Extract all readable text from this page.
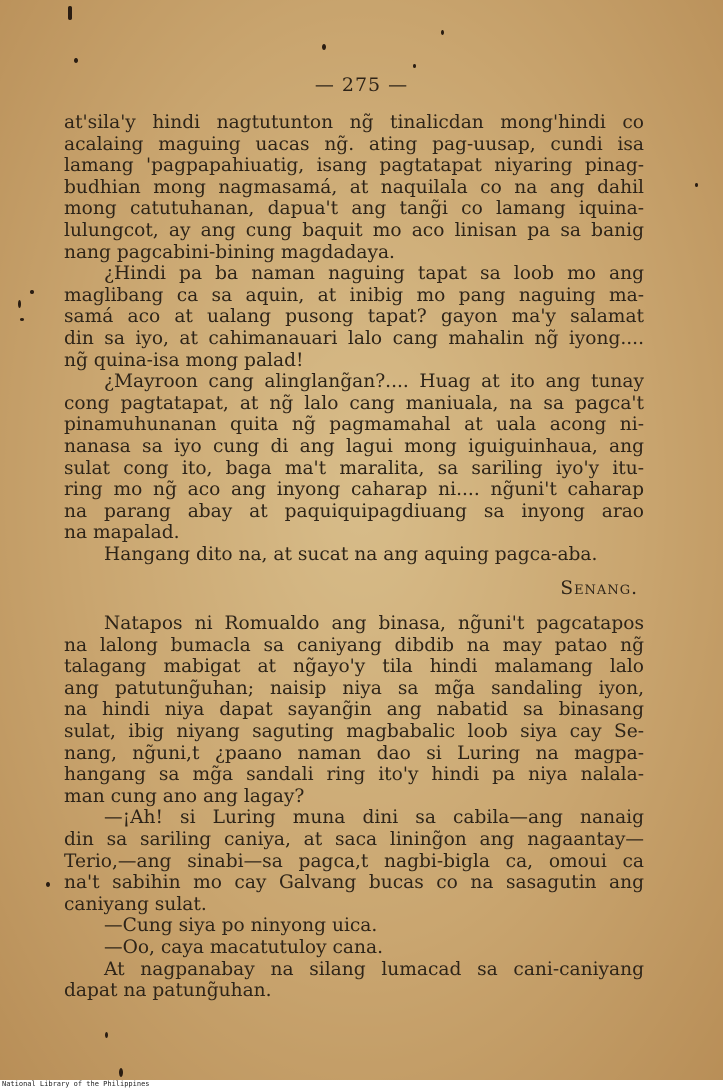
— 275 —

at'sila'y hindi nagtutunton ng̃ tinalicdan mong'hindi co
acalaing maguing uacas ng̃. ating pag-uusap, cundi isa
lamang 'pagpapahiuatig, isang pagtatapat niyaring pinag-
budhian mong nagmasamá, at naquilala co na ang dahil
mong catutuhanan, dapua't ang tang̃i co lamang iquina-
lulungcot, ay ang cung baquit mo aco linisan pa sa banig
nang pagcabini-bining magdadaya.

¿Hindi pa ba naman naguing tapat sa loob mo ang
maglibang ca sa aquin, at inibig mo pang naguing ma-
samá aco at ualang pusong tapat? gayon ma'y salamat
din sa iyo, at cahimanauari lalo cang mahalin ng̃ iyong....
ng̃ quina-isa mong palad!

¿Mayroon cang alinglang̃an?.... Huag at ito ang tunay
cong pagtatapat, at ng̃ lalo cang maniuala, na sa pagca't
pinamuhunanan quita ng̃ pagmamahal at uala acong ni-
nanasa sa iyo cung di ang lagui mong iguiguinhaua, ang
sulat cong ito, baga ma't maralita, sa sariling iyo'y itu-
ring mo ng̃ aco ang inyong caharap ni.... ng̃uni't caharap
na parang abay at paquiquipagdiuang sa inyong arao
na mapalad.

Hangang dito na, at sucat na ang aquing pagca-aba.

Senang.

Natapos ni Romualdo ang binasa, ng̃uni't pagcatapos
na lalong bumacla sa caniyang dibdib na may patao ng̃
talagang mabigat at ng̃ayo'y tila hindi malamang lalo
ang patutung̃uhan; naisip niya sa mg̃a sandaling iyon,
na hindi niya dapat sayang̃in ang nabatid sa binasang
sulat, ibig niyang saguting magbabalic loob siya cay Se-
nang, ng̃uni,t ¿paano naman dao si Luring na magpa-
hangang sa mg̃a sandali ring ito'y hindi pa niya nalala-
man cung ano ang lagay?

—¡Ah! si Luring muna dini sa cabila—ang nanaig
din sa sariling caniya, at saca lining̃on ang nagaantay—
Terio,—ang sinabi—sa pagca,t nagbi-bigla ca, omoui ca
na't sabihin mo cay Galvang bucas co na sasagutin ang
caniyang sulat.

—Cung siya po ninyong uica.

—Oo, caya macatutuloy cana.

At nagpanabay na silang lumacad sa cani-caniyang
dapat na patung̃uhan.

National Library of the Philippines
